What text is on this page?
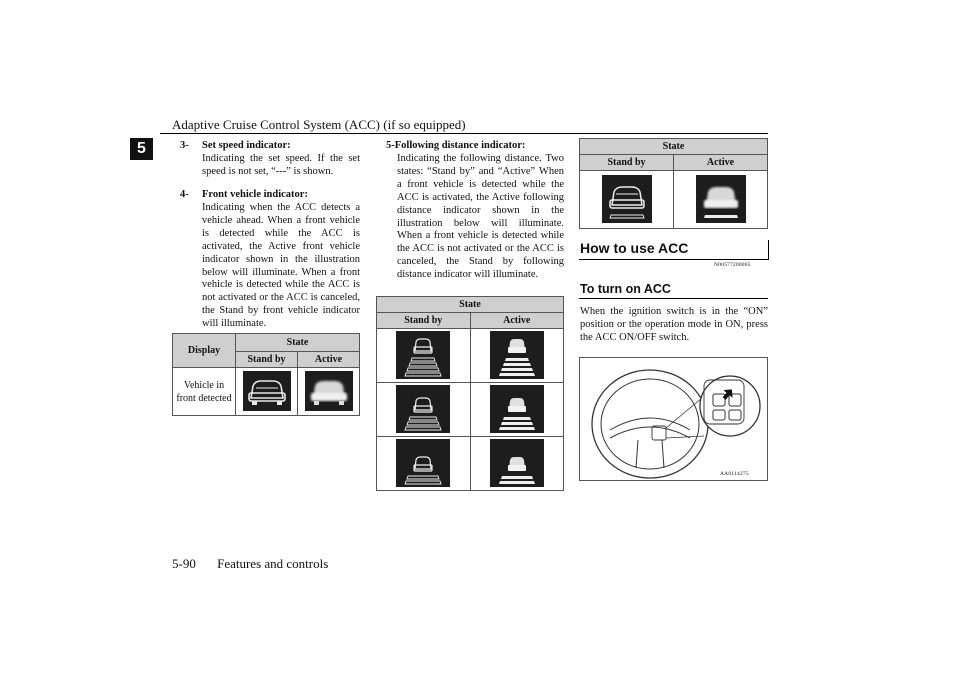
Adaptive Cruise Control System (ACC) (if so equipped)
5	3- Set speed indicator:
Indicating the set speed. If the set speed is not set, “---” is shown.
4- Front vehicle indicator:
Indicating when the ACC detects a vehicle ahead. When a front vehicle is detected while the ACC is activated, the Active front vehicle indicator shown in the illustration below will illuminate. When a front vehicle is detected while the ACC is not activated or the ACC is canceled, the Stand by front vehicle indicator will illuminate.
Display	State	
	Stand by	Active
Vehicle in front detected		
5-Following distance indicator:
Indicating the following distance. Two states: “Stand by” and “Active” When a front vehicle is detected while the ACC is activated, the Active following distance indicator shown in the illustration below will illuminate. When a front vehicle is detected while the ACC is not activated or the ACC is canceled, the Stand by following distance indicator will illuminate.
State	
Stand by	Active

State	
Stand by	Active

How to use ACC
N00577200065
To turn on ACC
When the ignition switch is in the “ON” position or the operation mode in ON, press the ACC ON/OFF switch.
AA0114275
5-90 Features and controls
